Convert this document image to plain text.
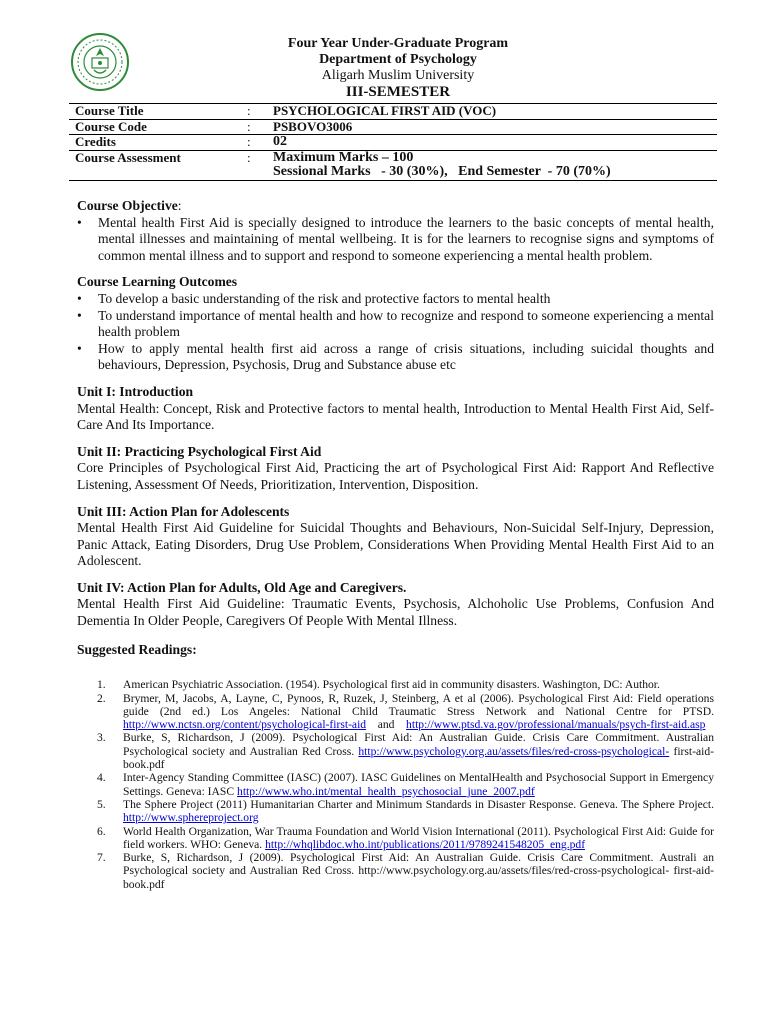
Four Year Under-Graduate Program
Department of Psychology
Aligarh Muslim University
III-SEMESTER
Course Title	:	PSYCHOLOGICAL FIRST AID (VOC)
Course Code	:	PSBOVO3006
Credits	:	02
Course Assessment	:	Maximum Marks – 100
Sessional Marks   - 30 (30%),   End Semester  - 70 (70%)
Course Objective:
• Mental health First Aid is specially designed to introduce the learners to the basic concepts of mental health, mental illnesses and maintaining of mental wellbeing. It is for the learners to recognise signs and symptoms of common mental illness and to support and respond to someone experiencing a mental health problem.
Course Learning Outcomes
• To develop a basic understanding of the risk and protective factors to mental health
• To understand importance of mental health and how to recognize and respond to someone experiencing a mental health problem
• How to apply mental health first aid across a range of crisis situations, including suicidal thoughts and behaviours, Depression, Psychosis, Drug and Substance abuse etc
Unit I: Introduction
Mental Health: Concept, Risk and Protective factors to mental health, Introduction to Mental Health First Aid, Self-Care And Its Importance.
Unit II: Practicing Psychological First Aid
Core Principles of Psychological First Aid, Practicing the art of Psychological First Aid: Rapport And Reflective Listening, Assessment Of Needs, Prioritization, Intervention, Disposition.
Unit III: Action Plan for Adolescents
Mental Health First Aid Guideline for Suicidal Thoughts and Behaviours, Non-Suicidal Self-Injury, Depression, Panic Attack, Eating Disorders, Drug Use Problem, Considerations When Providing Mental Health First Aid to an Adolescent.
Unit IV: Action Plan for Adults, Old Age and Caregivers.
Mental Health First Aid Guideline: Traumatic Events, Psychosis, Alchoholic Use Problems, Confusion And Dementia In Older People, Caregivers Of People With Mental Illness.
Suggested Readings:
1. American Psychiatric Association. (1954). Psychological first aid in community disasters. Washington, DC: Author.
2. Brymer, M, Jacobs, A, Layne, C, Pynoos, R, Ruzek, J, Steinberg, A et al (2006). Psychological First Aid: Field operations guide (2nd ed.) Los Angeles: National Child Traumatic Stress Network and National Centre for PTSD. http://www.nctsn.org/content/psychological-first-aid and http://www.ptsd.va.gov/professional/manuals/psych-first-aid.asp
3. Burke, S, Richardson, J (2009). Psychological First Aid: An Australian Guide. Crisis Care Commitment. Australian Psychological society and Australian Red Cross. http://www.psychology.org.au/assets/files/red-cross-psychological- first-aid-book.pdf
4. Inter-Agency Standing Committee (IASC) (2007). IASC Guidelines on MentalHealth and Psychosocial Support in Emergency Settings. Geneva: IASC http://www.who.int/mental_health_psychosocial_june_2007.pdf
5. The Sphere Project (2011) Humanitarian Charter and Minimum Standards in Disaster Response. Geneva. The Sphere Project. http://www.sphereproject.org
6. World Health Organization, War Trauma Foundation and World Vision International (2011). Psychological First Aid: Guide for field workers. WHO: Geneva. http://whqlibdoc.who.int/publications/2011/9789241548205_eng.pdf
7. Burke, S, Richardson, J (2009). Psychological First Aid: An Australian Guide. Crisis Care Commitment. Australi an Psychological society and Australian Red Cross. http://www.psychology.org.au/assets/files/red-cross-psychological- first-aid-book.pdf
